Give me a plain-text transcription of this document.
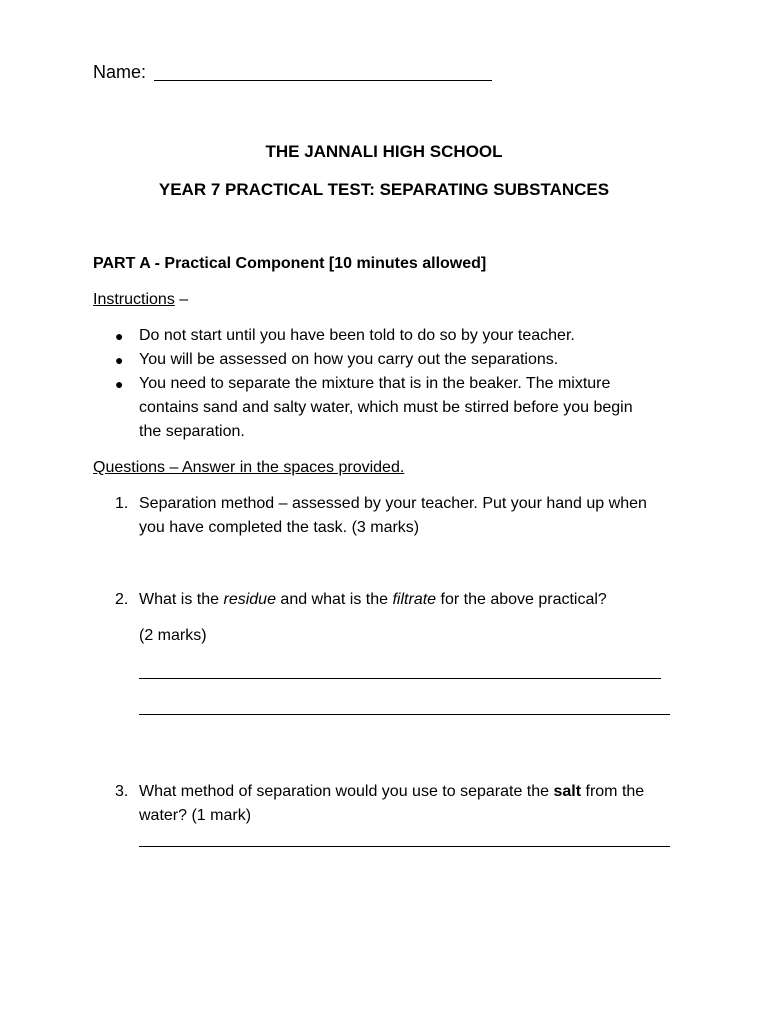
Name:
THE JANNALI HIGH SCHOOL
YEAR 7 PRACTICAL TEST: SEPARATING SUBSTANCES
PART A - Practical Component [10 minutes allowed]
Instructions –
● Do not start until you have been told to do so by your teacher.
● You will be assessed on how you carry out the separations.
● You need to separate the mixture that is in the beaker. The mixture
contains sand and salty water, which must be stirred before you begin
the separation.
Questions – Answer in the spaces provided.
1. Separation method – assessed by your teacher. Put your hand up when
you have completed the task. (3 marks)
2. What is the residue and what is the filtrate for the above practical?
(2 marks)
3. What method of separation would you use to separate the salt from the
water? (1 mark)
